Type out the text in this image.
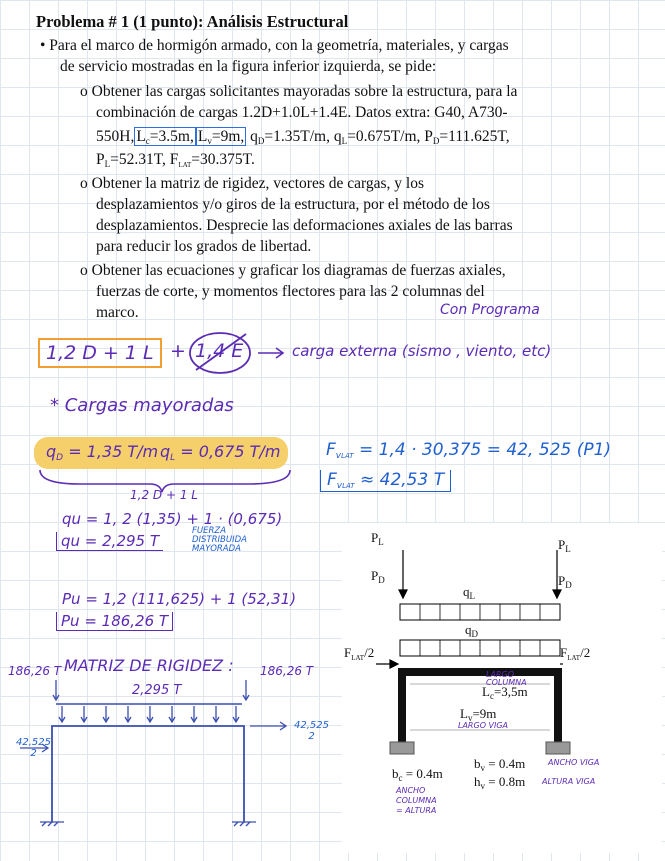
Problema # 1 (1 punto): Análisis Estructural
• Para el marco de hormigón armado, con la geometría, materiales, y cargas
de servicio mostradas en la figura inferior izquierda, se pide:
o Obtener las cargas solicitantes mayoradas sobre la estructura, para la
combinación de cargas 1.2D+1.0L+1.4E. Datos extra: G40, A730-
550H, $L_c=3.5m$, $L_v=9m$, $q_D=1.35T/m$, $q_L=0.675T/m$, $P_D=111.625T$,
$P_L=52.31T$, $F_{LAT}=30.375T$.
o Obtener la matriz de rigidez, vectores de cargas, y los
desplazamientos y/o giros de la estructura, por el método de los
desplazamientos. Desprecie las deformaciones axiales de las barras
para reducir los grados de libertad.
o Obtener las ecuaciones y graficar los diagramas de fuerzas axiales,
fuerzas de corte, y momentos flectores para las 2 columnas del
marco.	Con Programa
1,2 D + 1 L + 1,4 E	carga externa (sismo , viento, etc)
* Cargas mayoradas
$q_D = 1,35$ T/m $q_L = 0,675$ T/m	$F_{vLAT} = 1,4 \cdot 30,375 = 42$, 525 (P1)
$F_{vLAT} \approx 42,53$ T
1,2 D + 1 L
qu = 1, 2 (1,35) + 1 · (0,675)
qu = 2,295 T
FUERZA DISTRIBUIDA MAYORADA
Pu = 1,2 (111,625) + 1 (52,31)
Pu = 186,26 T
MATRIZ DE RIGIDEZ :
186,26 T	186,26 T
2,295 T
42,525
2
42,525
2
$P_L$
$P_D$
$P_L$
$P_D$
$q_L$
$q_D$
$F_{LAT}/2$	$F_{LAT}/2$
LARGO COLUMNA
$L_c=3,5m$
$L_v=9m$
LARGO VIGA
$b_v = 0.4m$	ANCHO VIGA
$h_v = 0.8m$ ALTURA VIGA
$b_c = 0.4m$
ANCHO COLUMNA = ALTURA
